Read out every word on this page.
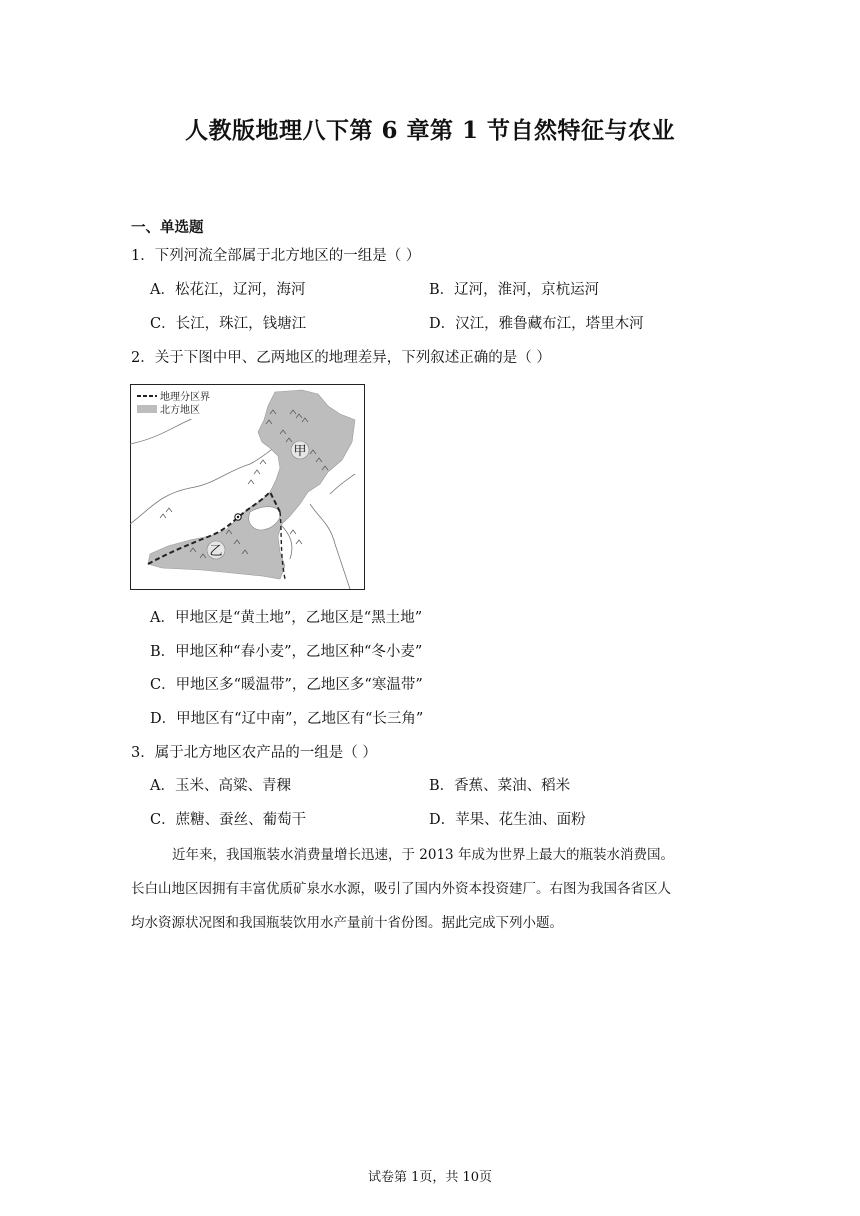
人教版地理八下第 6 章第 1 节自然特征与农业
一、单选题
1．下列河流全部属于北方地区的一组是（ ）
A．松花江，辽河，海河	B．辽河，淮河，京杭运河
C．长江，珠江，钱塘江	D．汉江，雅鲁藏布江，塔里木河
2．关于下图中甲、乙两地区的地理差异，下列叙述正确的是（ ）
甲
乙
地理分区界
北方地区
A．甲地区是“黄土地”，乙地区是“黑土地”
B．甲地区种“春小麦”，乙地区种“冬小麦”
C．甲地区多“暖温带”，乙地区多“寒温带”
D．甲地区有“辽中南”，乙地区有“长三角”
3．属于北方地区农产品的一组是（ ）
A．玉米、高粱、青稞	B．香蕉、菜油、稻米
C．蔗糖、蚕丝、葡萄干	D．苹果、花生油、面粉
近年来，我国瓶装水消费量增长迅速，于 2013 年成为世界上最大的瓶装水消费国。
长白山地区因拥有丰富优质矿泉水水源，吸引了国内外资本投资建厂。右图为我国各省区人
均水资源状况图和我国瓶装饮用水产量前十省份图。据此完成下列小题。
试卷第 1页，共 10页
